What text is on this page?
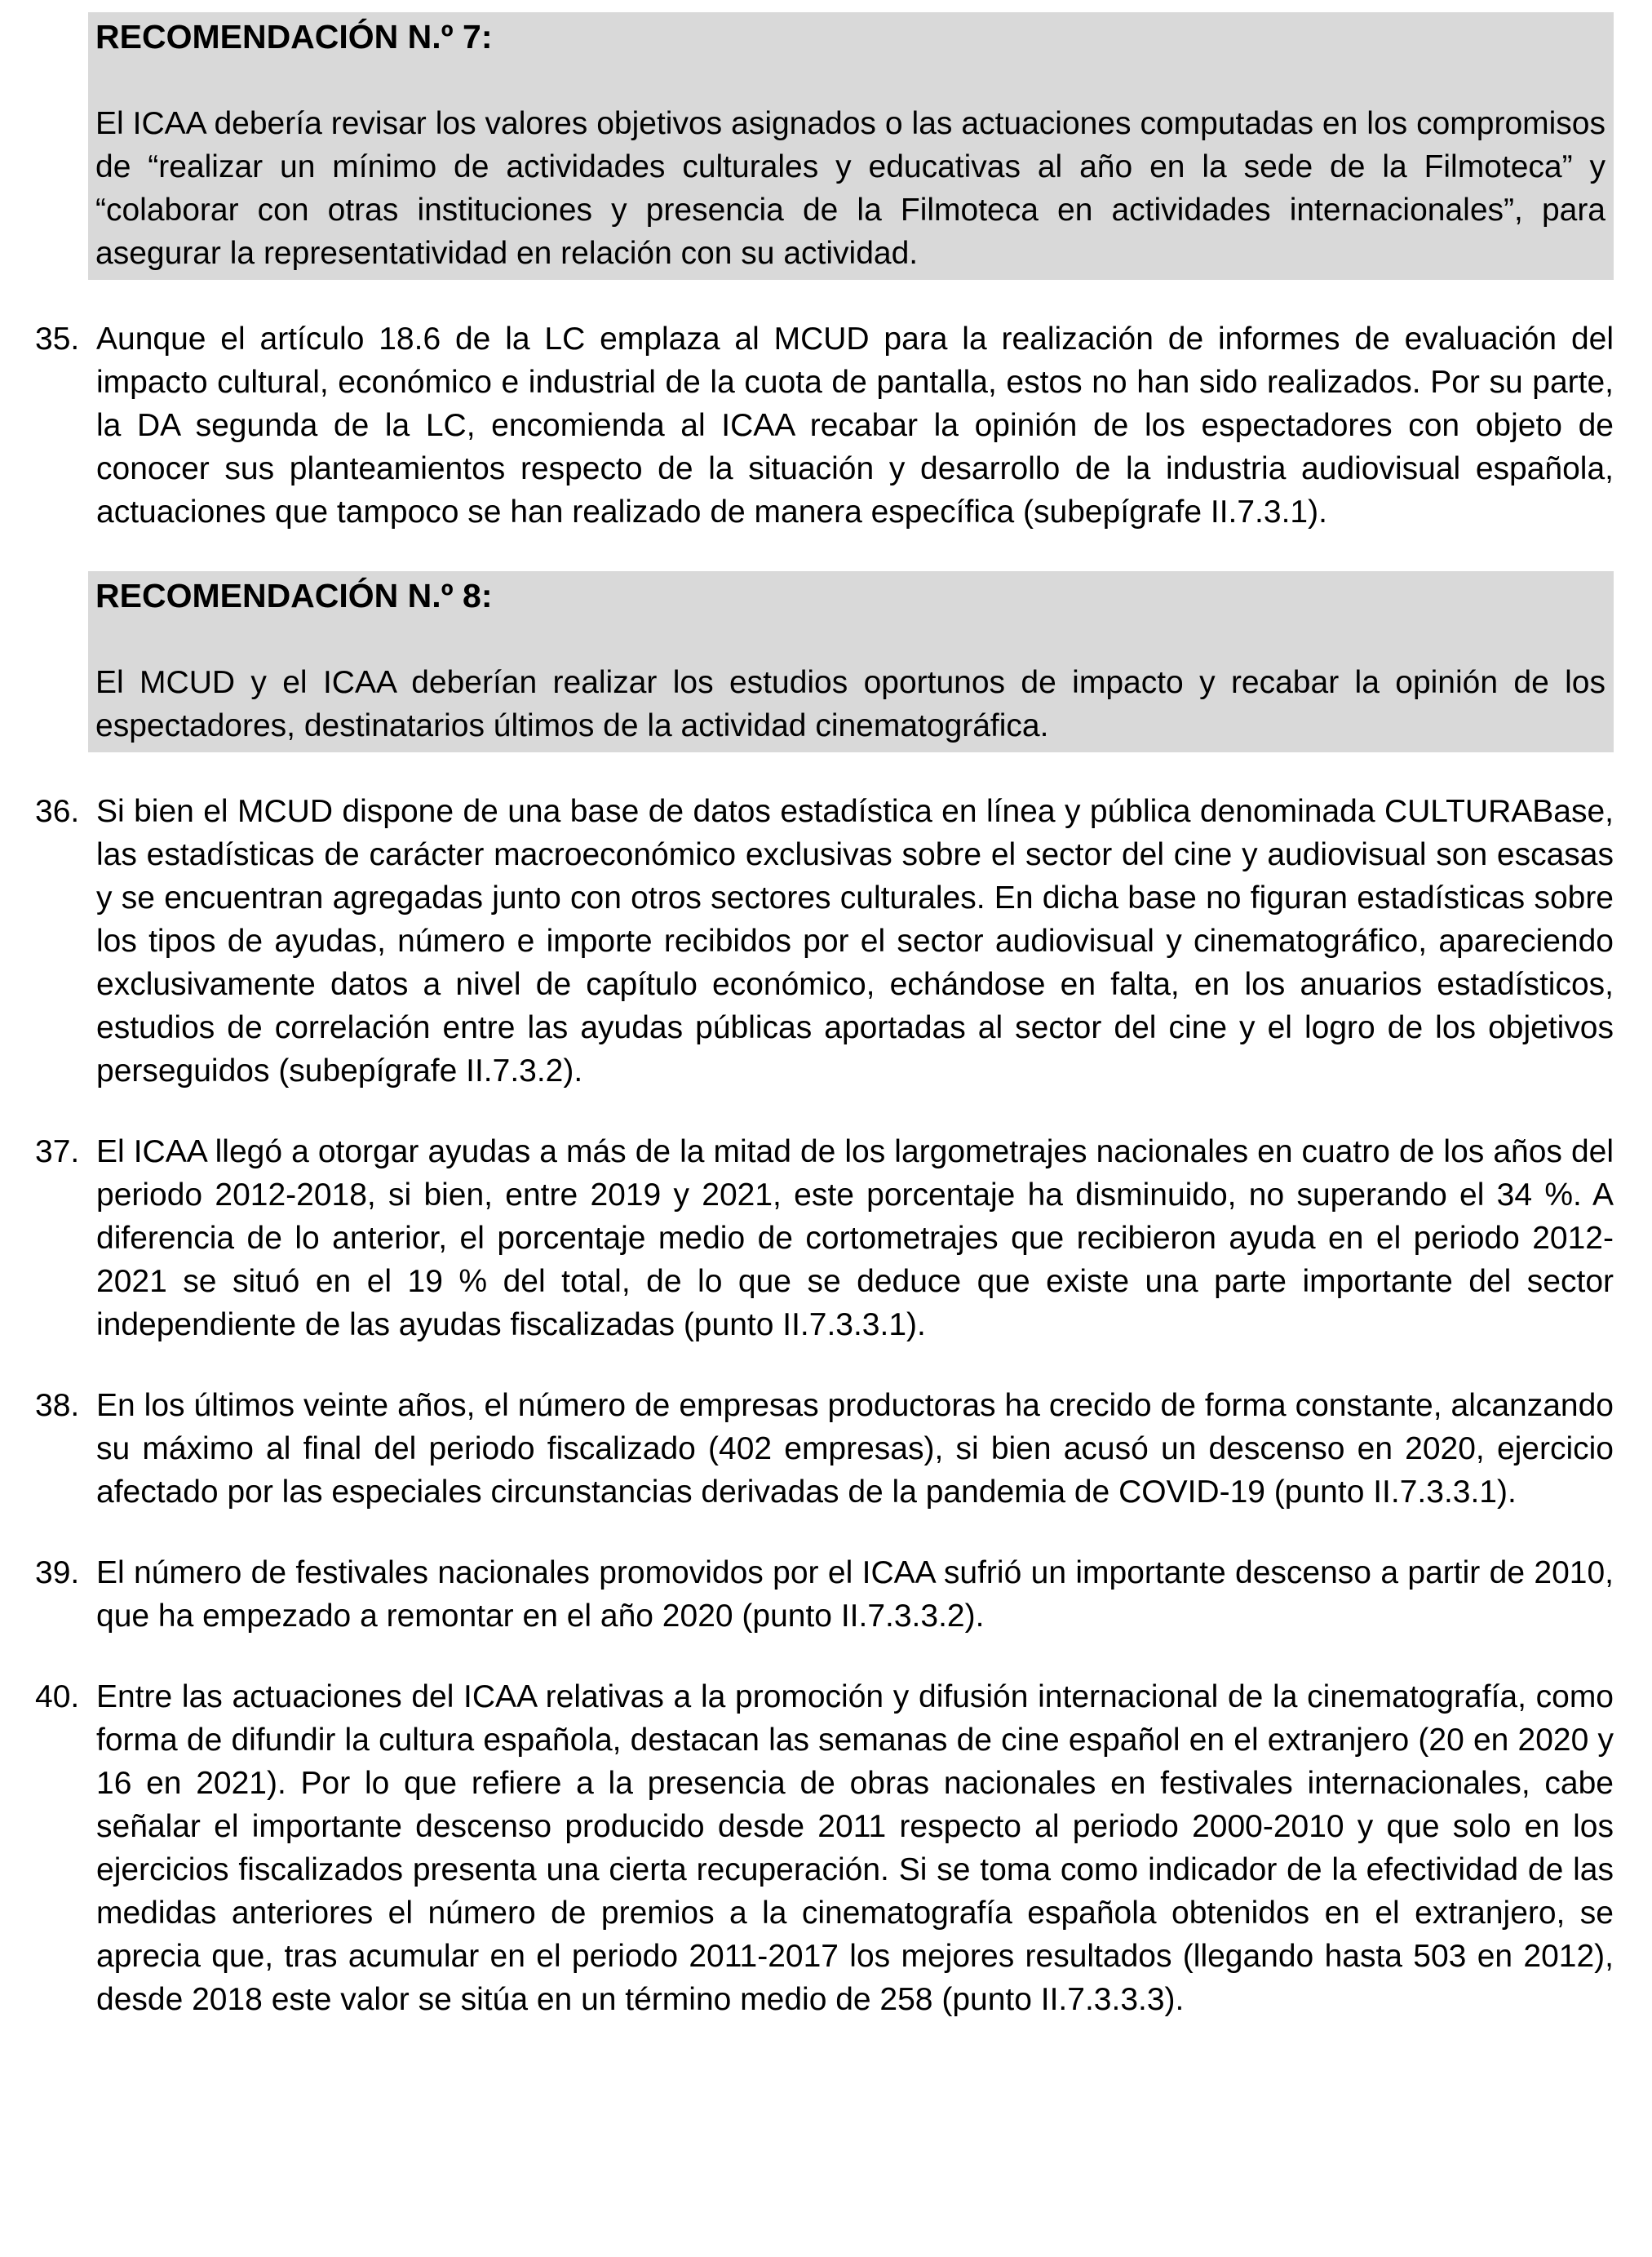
RECOMENDACIÓN N.º 7:

El ICAA debería revisar los valores objetivos asignados o las actuaciones computadas en los compromisos de “realizar un mínimo de actividades culturales y educativas al año en la sede de la Filmoteca” y “colaborar con otras instituciones y presencia de la Filmoteca en actividades internacionales”, para asegurar la representatividad en relación con su actividad.

35. Aunque el artículo 18.6 de la LC emplaza al MCUD para la realización de informes de evaluación del impacto cultural, económico e industrial de la cuota de pantalla, estos no han sido realizados. Por su parte, la DA segunda de la LC, encomienda al ICAA recabar la opinión de los espectadores con objeto de conocer sus planteamientos respecto de la situación y desarrollo de la industria audiovisual española, actuaciones que tampoco se han realizado de manera específica (subepígrafe II.7.3.1).

RECOMENDACIÓN N.º 8:

El MCUD y el ICAA deberían realizar los estudios oportunos de impacto y recabar la opinión de los espectadores, destinatarios últimos de la actividad cinematográfica.

36. Si bien el MCUD dispone de una base de datos estadística en línea y pública denominada CULTURABase, las estadísticas de carácter macroeconómico exclusivas sobre el sector del cine y audiovisual son escasas y se encuentran agregadas junto con otros sectores culturales. En dicha base no figuran estadísticas sobre los tipos de ayudas, número e importe recibidos por el sector audiovisual y cinematográfico, apareciendo exclusivamente datos a nivel de capítulo económico, echándose en falta, en los anuarios estadísticos, estudios de correlación entre las ayudas públicas aportadas al sector del cine y el logro de los objetivos perseguidos (subepígrafe II.7.3.2).
37. El ICAA llegó a otorgar ayudas a más de la mitad de los largometrajes nacionales en cuatro de los años del periodo 2012-2018, si bien, entre 2019 y 2021, este porcentaje ha disminuido, no superando el 34 %. A diferencia de lo anterior, el porcentaje medio de cortometrajes que recibieron ayuda en el periodo 2012-2021 se situó en el 19 % del total, de lo que se deduce que existe una parte importante del sector independiente de las ayudas fiscalizadas (punto II.7.3.3.1).
38. En los últimos veinte años, el número de empresas productoras ha crecido de forma constante, alcanzando su máximo al final del periodo fiscalizado (402 empresas), si bien acusó un descenso en 2020, ejercicio afectado por las especiales circunstancias derivadas de la pandemia de COVID-19 (punto II.7.3.3.1).
39. El número de festivales nacionales promovidos por el ICAA sufrió un importante descenso a partir de 2010, que ha empezado a remontar en el año 2020 (punto II.7.3.3.2).
40. Entre las actuaciones del ICAA relativas a la promoción y difusión internacional de la cinematografía, como forma de difundir la cultura española, destacan las semanas de cine español en el extranjero (20 en 2020 y 16 en 2021). Por lo que refiere a la presencia de obras nacionales en festivales internacionales, cabe señalar el importante descenso producido desde 2011 respecto al periodo 2000-2010 y que solo en los ejercicios fiscalizados presenta una cierta recuperación. Si se toma como indicador de la efectividad de las medidas anteriores el número de premios a la cinematografía española obtenidos en el extranjero, se aprecia que, tras acumular en el periodo 2011-2017 los mejores resultados (llegando hasta 503 en 2012), desde 2018 este valor se sitúa en un término medio de 258 (punto II.7.3.3.3).
